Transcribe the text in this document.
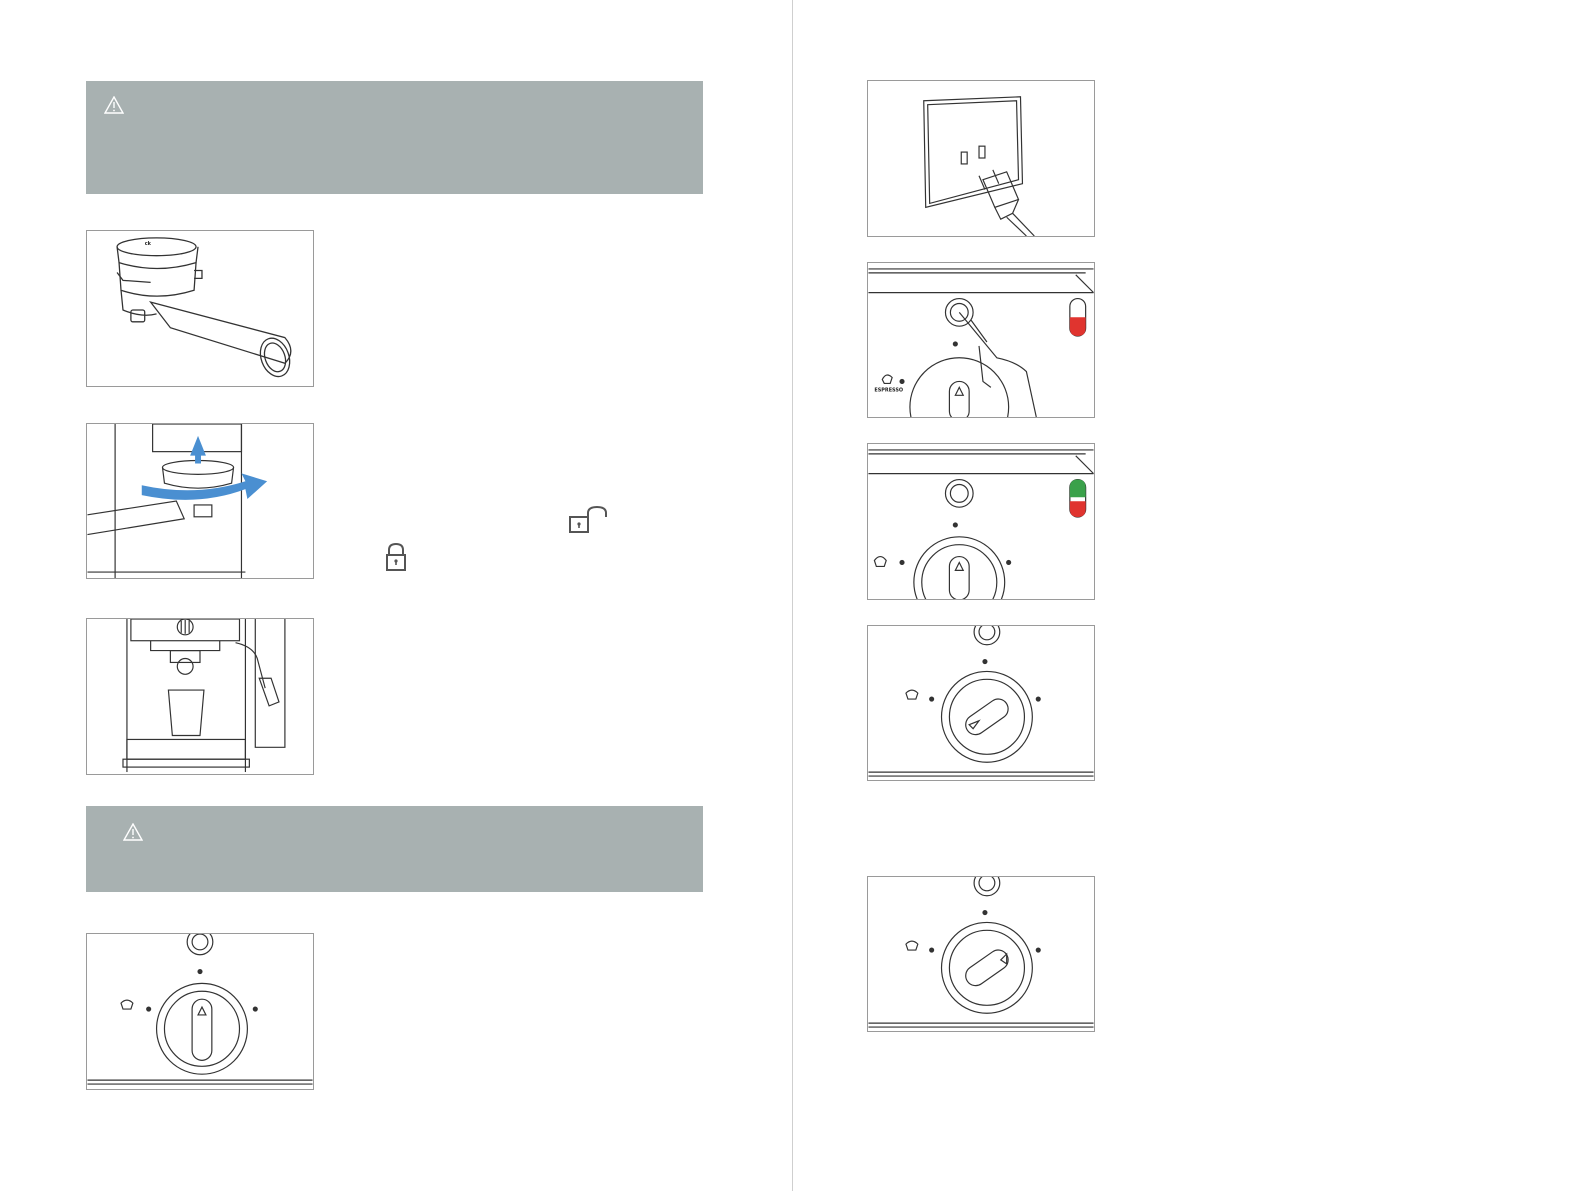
ck
ESPRESSO
